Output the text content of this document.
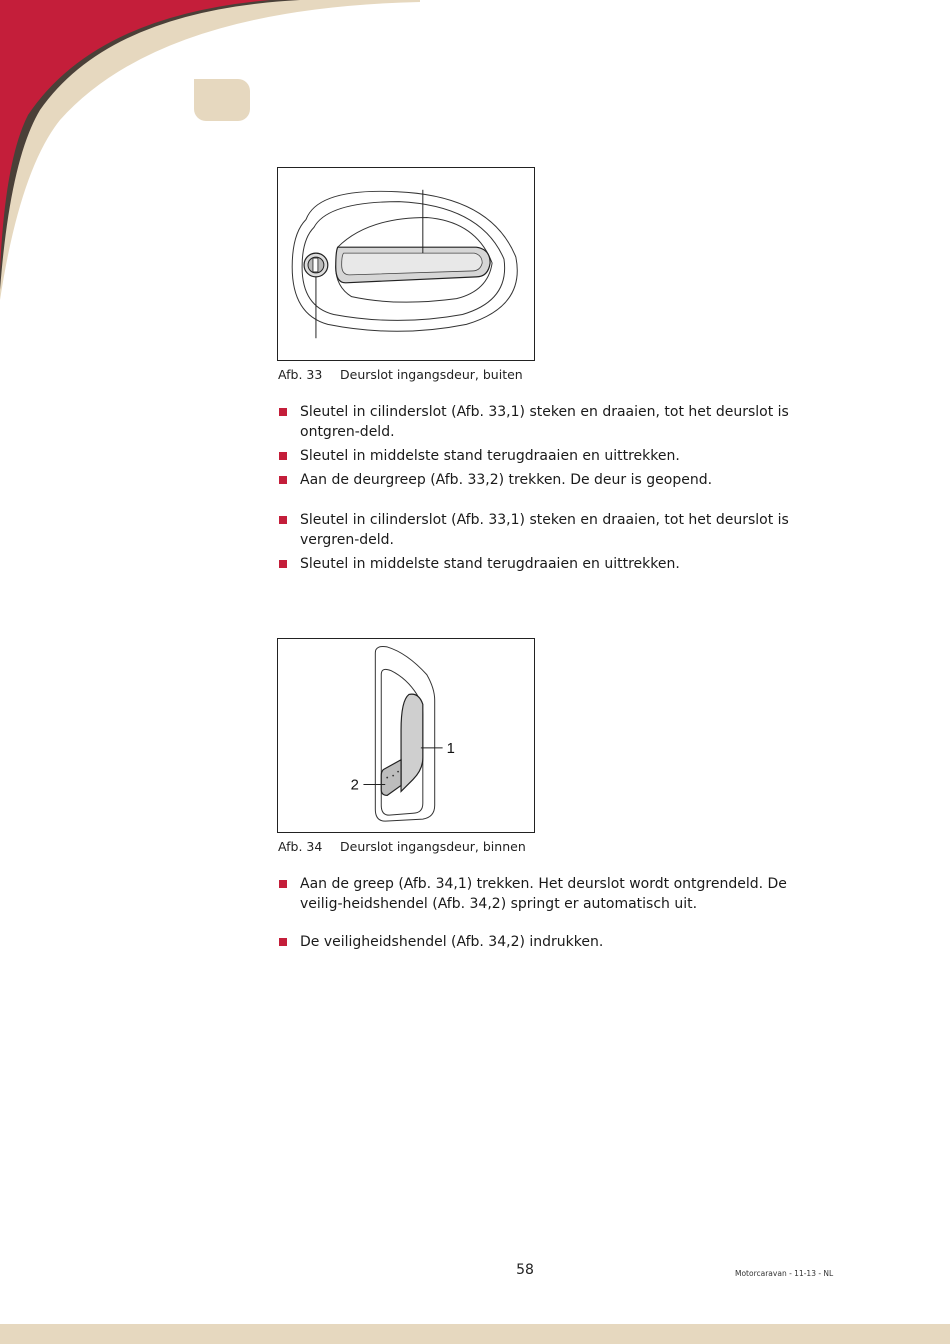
Afb. 33 Deurslot ingangsdeur, buiten
Sleutel in cilinderslot (Afb. 33,1) steken en draaien, tot het deurslot is ontgren-deld.
Sleutel in middelste stand terugdraaien en uittrekken.
Aan de deurgreep (Afb. 33,2) trekken. De deur is geopend.
Sleutel in cilinderslot (Afb. 33,1) steken en draaien, tot het deurslot is vergren-deld.
Sleutel in middelste stand terugdraaien en uittrekken.
1
2
Afb. 34 Deurslot ingangsdeur, binnen
Aan de greep (Afb. 34,1) trekken. Het deurslot wordt ontgrendeld. De veilig-heidshendel (Afb. 34,2) springt er automatisch uit.
De veiligheidshendel (Afb. 34,2) indrukken.
58	Motorcaravan - 11-13 - NL
